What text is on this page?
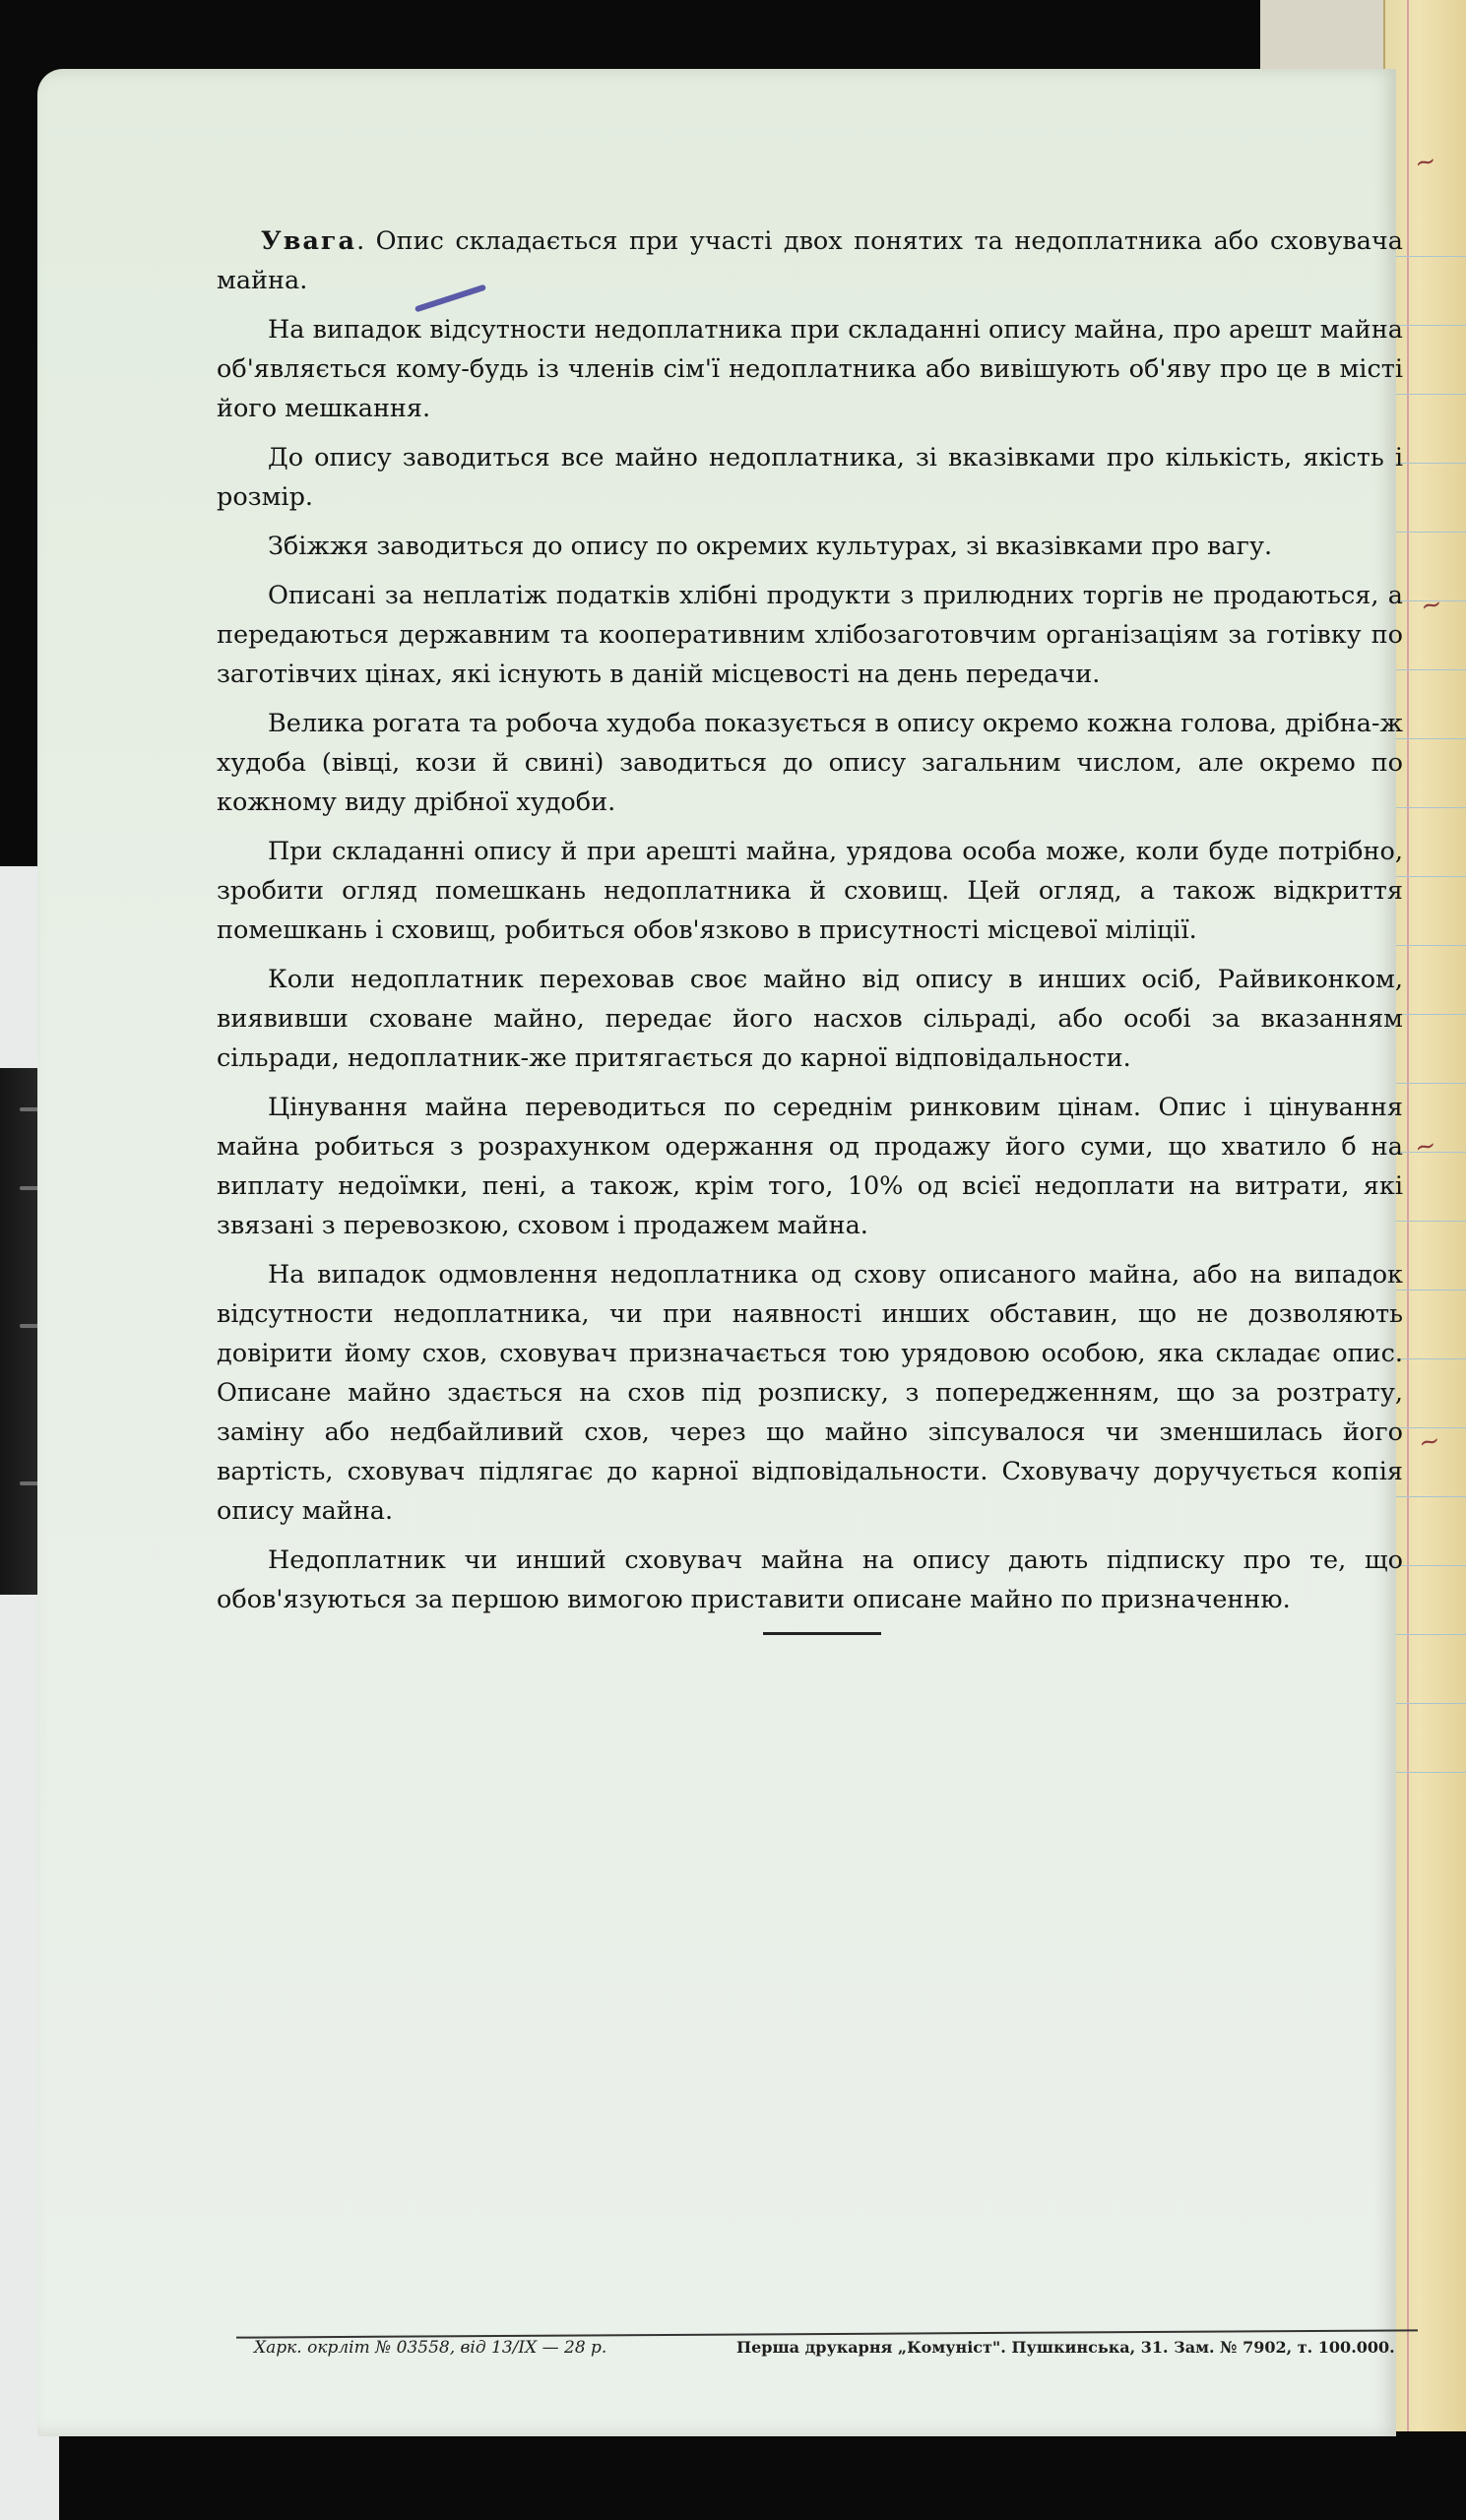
~
~
~
~

Увага. Опис складається при участі двох понятих та недоплатника або сховувача майна.

На випадок відсутности недоплатника при складанні опису майна, про арешт майна об'являється кому-будь із членів сім'ї недоплатника або вивішують об'яву про це в місті його мешкання.

До опису заводиться все майно недоплатника, зі вказівками про кількість, якість і розмір.

Збіжжя заводиться до опису по окремих культурах, зі вказівками про вагу.

Описані за неплатіж податків хлібні продукти з прилюдних торгів не продаються, а передаються державним та кооперативним хлібозаготовчим організаціям за готівку по заготівчих цінах, які існують в даній місцевості на день передачи.

Велика рогата та робоча худоба показується в опису окремо кожна голова, дрібна-ж худоба (вівці, кози й свині) заводиться до опису загальним числом, але окремо по кожному виду дрібної худоби.

При складанні опису й при арешті майна, урядова особа може, коли буде потрібно, зробити огляд помешкань недоплатника й сховищ. Цей огляд, а також відкриття помешкань і сховищ, робиться обов'язково в присутності місцевої міліції.

Коли недоплатник переховав своє майно від опису в инших осіб, Райвиконком, виявивши сховане майно, передає його насхов сільраді, або особі за вказанням сільради, недоплатник-же притягається до карної відповідальности.

Цінування майна переводиться по середнім ринковим цінам. Опис і цінування майна робиться з розрахунком одержання од продажу його суми, що хватило б на виплату недоїмки, пені, а також, крім того, 10% од всієї недоплати на витрати, які звязані з перевозкою, сховом і продажем майна.

На випадок одмовлення недоплатника од схову описаного майна, або на випадок відсутности недоплатника, чи при наявності инших обставин, що не дозволяють довірити йому схов, сховувач призначається тою урядовою особою, яка складає опис. Описане майно здається на схов під розписку, з попередженням, що за розтрату, заміну або недбайливий схов, через що майно зіпсувалося чи зменшилась його вартість, сховувач підлягає до карної відповідальности. Сховувачу доручується копія опису майна.

Недоплатник чи инший сховувач майна на опису дають підписку про те, що обов'язуються за першою вимогою приставити описане майно по призначенню.

Харк. окрліт № 03558, від 13/IX — 28 р.	Перша друкарня „Комуніст". Пушкинська, 31. Зам. № 7902, т. 100.000.
